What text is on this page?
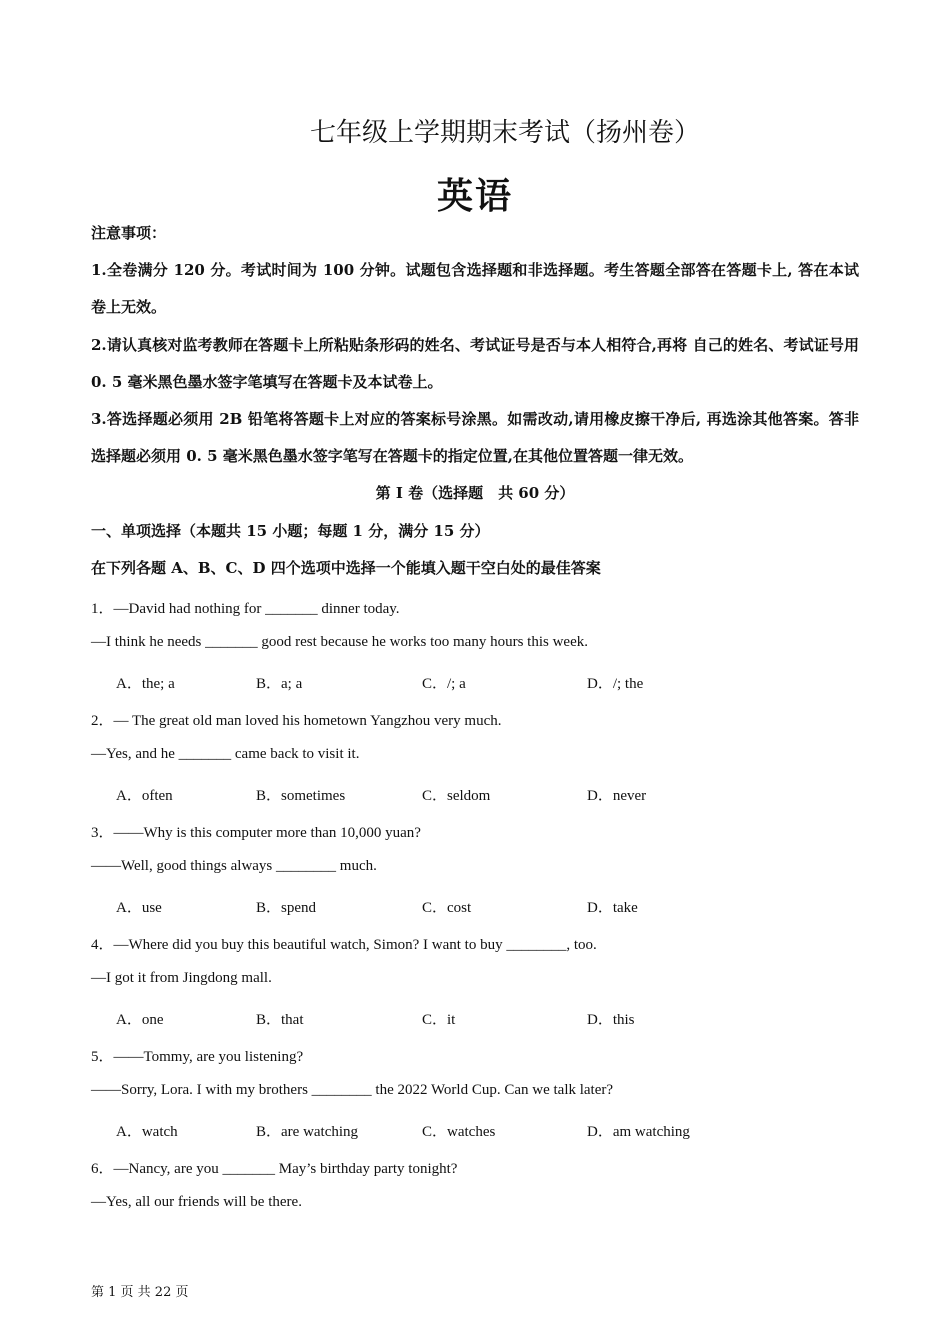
七年级上学期期末考试（扬州卷）
英语
注意事项：
1.全卷满分 120 分。考试时间为 100 分钟。试题包含选择题和非选择题。考生答题全部答在答题卡上, 答在本试卷上无效。
2.请认真核对监考教师在答题卡上所粘贴条形码的姓名、考试证号是否与本人相符合,再将 自己的姓名、考试证号用 0. 5 毫米黑色墨水签字笔填写在答题卡及本试卷上。
3.答选择题必须用 2B 铅笔将答题卡上对应的答案标号涂黑。如需改动,请用橡皮擦干净后, 再选涂其他答案。答非选择题必须用 0. 5 毫米黑色墨水签字笔写在答题卡的指定位置,在其他位置答题一律无效。
第 I 卷（选择题　共 60 分）
一、单项选择（本题共 15 小题；每题 1 分，满分 15 分）
在下列各题 A、B、C、D 四个选项中选择一个能填入题干空白处的最佳答案
1．—David had nothing for _______ dinner today.
—I think he needs _______ good rest because he works too many hours this week.
A．the; a	B．a; a	C．/; a	D．/; the
2．— The great old man loved his hometown Yangzhou very much.
—Yes, and he _______ came back to visit it.
A．often	B．sometimes	C．seldom	D．never
3．——Why is this computer more than 10,000 yuan?
——Well, good things always ________ much.
A．use	B．spend	C．cost	D．take
4．—Where did you buy this beautiful watch, Simon? I want to buy ________, too.
—I got it from Jingdong mall.
A．one	B．that	C．it	D．this
5．——Tommy, are you listening?
——Sorry, Lora. I with my brothers ________ the 2022 World Cup. Can we talk later?
A．watch	B．are watching	C．watches	D．am watching
6．—Nancy, are you _______ May’s birthday party tonight?
—Yes, all our friends will be there.
第 1 页 共 22 页
